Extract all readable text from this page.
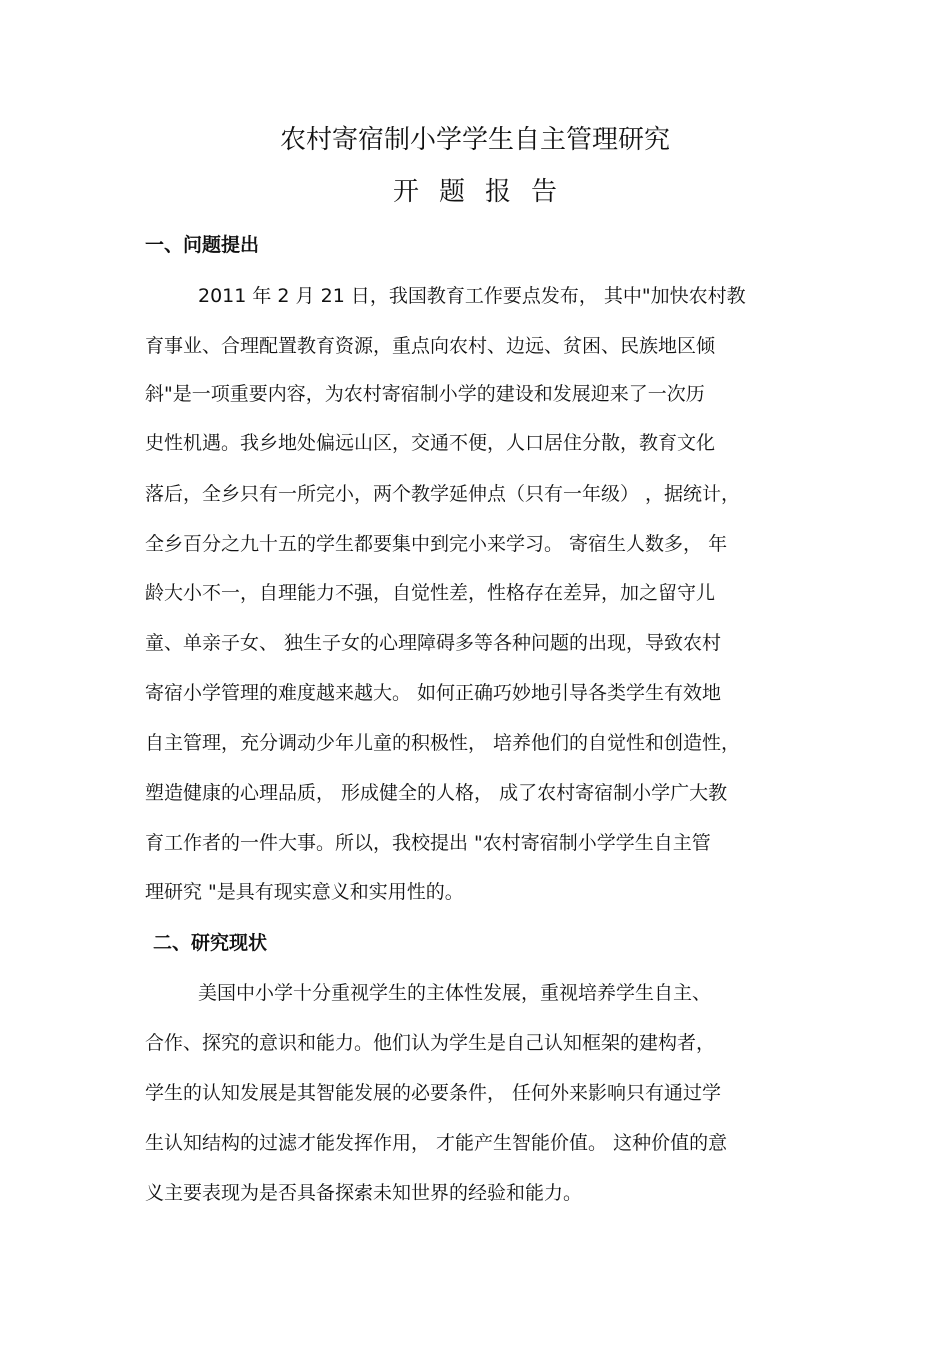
农村寄宿制小学学生自主管理研究
开题报告
一、问题提出

2011 年 2 月 21 日，我国教育工作要点发布， 其中"加快农村教

育事业、合理配置教育资源，重点向农村、边远、贫困、民族地区倾

斜"是一项重要内容，为农村寄宿制小学的建设和发展迎来了一次历

史性机遇。我乡地处偏远山区，交通不便，人口居住分散，教育文化

落后，全乡只有一所完小，两个教学延伸点（只有一年级） ，据统计，

全乡百分之九十五的学生都要集中到完小来学习。 寄宿生人数多， 年

龄大小不一，自理能力不强，自觉性差，性格存在差异，加之留守儿

童、单亲子女、 独生子女的心理障碍多等各种问题的出现，导致农村

寄宿小学管理的难度越来越大。 如何正确巧妙地引导各类学生有效地

自主管理，充分调动少年儿童的积极性， 培养他们的自觉性和创造性，

塑造健康的心理品质， 形成健全的人格， 成了农村寄宿制小学广大教

育工作者的一件大事。所以，我校提出 "农村寄宿制小学学生自主管

理研究 "是具有现实意义和实用性的。

二、研究现状

美国中小学十分重视学生的主体性发展，重视培养学生自主、

合作、探究的意识和能力。他们认为学生是自己认知框架的建构者，

学生的认知发展是其智能发展的必要条件， 任何外来影响只有通过学

生认知结构的过滤才能发挥作用， 才能产生智能价值。 这种价值的意

义主要表现为是否具备探索未知世界的经验和能力。
